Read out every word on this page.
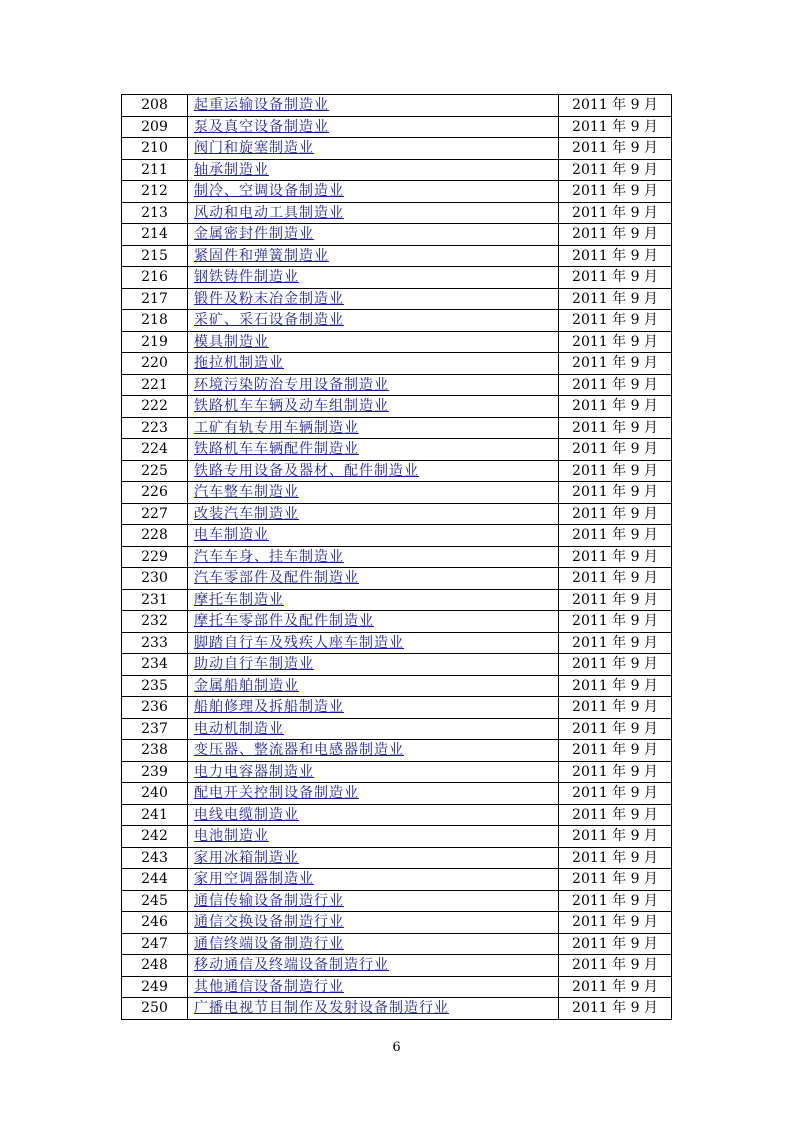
208	起重运输设备制造业	2011 年 9 月
209	泵及真空设备制造业	2011 年 9 月
210	阀门和旋塞制造业	2011 年 9 月
211	轴承制造业	2011 年 9 月
212	制冷、空调设备制造业	2011 年 9 月
213	风动和电动工具制造业	2011 年 9 月
214	金属密封件制造业	2011 年 9 月
215	紧固件和弹簧制造业	2011 年 9 月
216	钢铁铸件制造业	2011 年 9 月
217	锻件及粉末冶金制造业	2011 年 9 月
218	采矿、采石设备制造业	2011 年 9 月
219	模具制造业	2011 年 9 月
220	拖拉机制造业	2011 年 9 月
221	环境污染防治专用设备制造业	2011 年 9 月
222	铁路机车车辆及动车组制造业	2011 年 9 月
223	工矿有轨专用车辆制造业	2011 年 9 月
224	铁路机车车辆配件制造业	2011 年 9 月
225	铁路专用设备及器材、配件制造业	2011 年 9 月
226	汽车整车制造业	2011 年 9 月
227	改装汽车制造业	2011 年 9 月
228	电车制造业	2011 年 9 月
229	汽车车身、挂车制造业	2011 年 9 月
230	汽车零部件及配件制造业	2011 年 9 月
231	摩托车制造业	2011 年 9 月
232	摩托车零部件及配件制造业	2011 年 9 月
233	脚踏自行车及残疾人座车制造业	2011 年 9 月
234	助动自行车制造业	2011 年 9 月
235	金属船舶制造业	2011 年 9 月
236	船舶修理及拆船制造业	2011 年 9 月
237	电动机制造业	2011 年 9 月
238	变压器、整流器和电感器制造业	2011 年 9 月
239	电力电容器制造业	2011 年 9 月
240	配电开关控制设备制造业	2011 年 9 月
241	电线电缆制造业	2011 年 9 月
242	电池制造业	2011 年 9 月
243	家用冰箱制造业	2011 年 9 月
244	家用空调器制造业	2011 年 9 月
245	通信传输设备制造行业	2011 年 9 月
246	通信交换设备制造行业	2011 年 9 月
247	通信终端设备制造行业	2011 年 9 月
248	移动通信及终端设备制造行业	2011 年 9 月
249	其他通信设备制造行业	2011 年 9 月
250	广播电视节目制作及发射设备制造行业	2011 年 9 月
6
